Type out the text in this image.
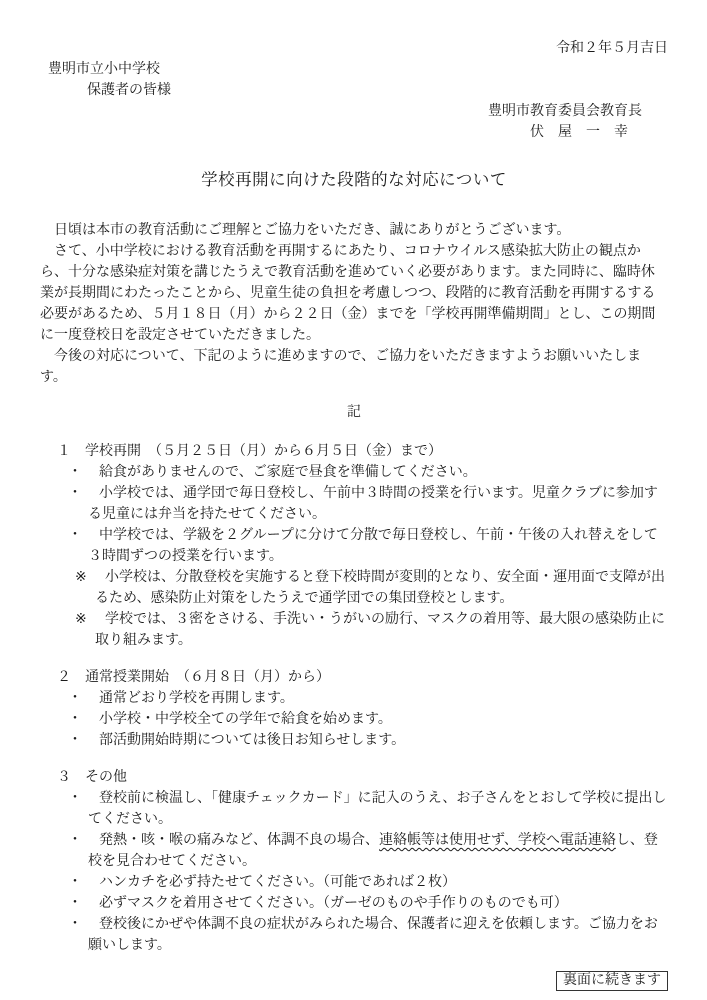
令和２年５月吉日
豊明市立小中学校
保護者の皆様
豊明市教育委員会教育長
伏　屋　一　幸
学校再開に向けた段階的な対応について

日頃は本市の教育活動にご理解とご協力をいただき、誠にありがとうございます。

さて、小中学校における教育活動を再開するにあたり、コロナウイルス感染拡大防止の観点から、十分な感染症対策を講じたうえで教育活動を進めていく必要があります。また同時に、臨時休業が長期間にわたったことから、児童生徒の負担を考慮しつつ、段階的に教育活動を再開するする必要があるため、５月１８日（月）から２２日（金）までを「学校再開準備期間」とし、この期間に一度登校日を設定させていただきました。

今後の対応について、下記のように進めますので、ご協力をいただきますようお願いいたします。

記
１ 学校再開　（５月２５日（月）から６月５日（金）まで）
・ 給食がありませんので、ご家庭で昼食を準備してください。
・ 小学校では、通学団で毎日登校し、午前中３時間の授業を行います。児童クラブに参加する児童には弁当を持たせてください。
・ 中学校では、学級を２グループに分けて分散で毎日登校し、午前・午後の入れ替えをして３時間ずつの授業を行います。
※ 小学校は、分散登校を実施すると登下校時間が変則的となり、安全面・運用面で支障が出るため、感染防止対策をしたうえで通学団での集団登校とします。
※ 学校では、３密をさける、手洗い・うがいの励行、マスクの着用等、最大限の感染防止に取り組みます。
２ 通常授業開始　（６月８日（月）から）
・ 通常どおり学校を再開します。
・ 小学校・中学校全ての学年で給食を始めます。
・ 部活動開始時期については後日お知らせします。
３ その他
・ 登校前に検温し、「健康チェックカード」に記入のうえ、お子さんをとおして学校に提出してください。
・ 発熱・咳・喉の痛みなど、体調不良の場合、連絡帳等は使用せず、学校へ電話連絡し、登校を見合わせてください。
・ ハンカチを必ず持たせてください。（可能であれば２枚）
・ 必ずマスクを着用させてください。（ガーゼのものや手作りのものでも可）
・ 登校後にかぜや体調不良の症状がみられた場合、保護者に迎えを依頼します。ご協力をお願いします。
裏面に続きます
